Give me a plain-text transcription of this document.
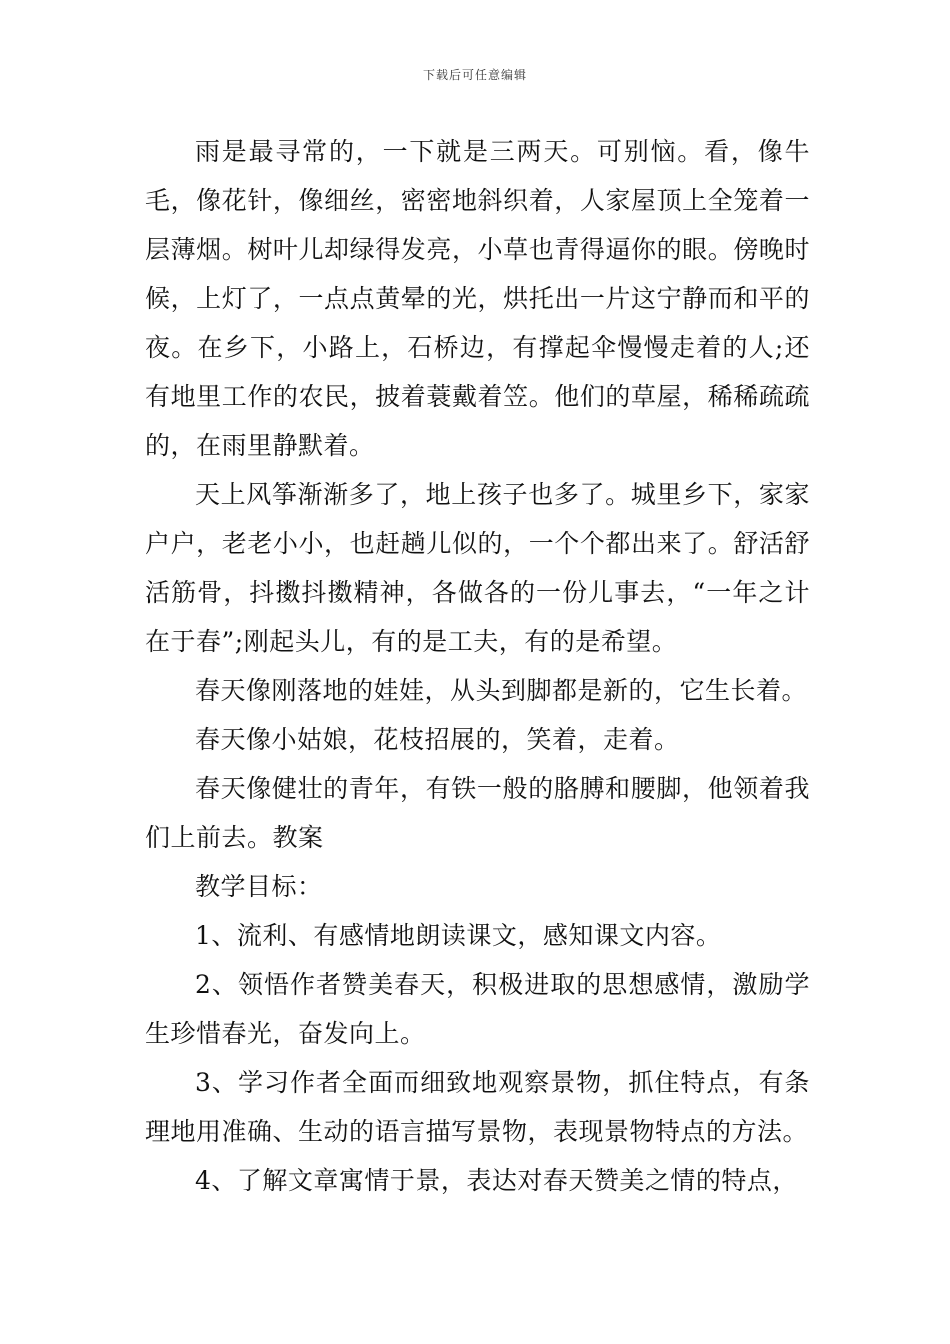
下载后可任意编辑

雨是最寻常的，一下就是三两天。可别恼。看，像牛毛，像花针，像细丝，密密地斜织着，人家屋顶上全笼着一层薄烟。树叶儿却绿得发亮，小草也青得逼你的眼。傍晚时候，上灯了，一点点黄晕的光，烘托出一片这宁静而和平的夜。在乡下，小路上，石桥边，有撑起伞慢慢走着的人;还有地里工作的农民，披着蓑戴着笠。他们的草屋，稀稀疏疏的，在雨里静默着。

天上风筝渐渐多了，地上孩子也多了。城里乡下，家家户户，老老小小，也赶趟儿似的，一个个都出来了。舒活舒活筋骨，抖擞抖擞精神，各做各的一份儿事去，“一年之计在于春”;刚起头儿，有的是工夫，有的是希望。

春天像刚落地的娃娃，从头到脚都是新的，它生长着。

春天像小姑娘，花枝招展的，笑着，走着。

春天像健壮的青年，有铁一般的胳膊和腰脚，他领着我们上前去。教案

教学目标：

1、流利、有感情地朗读课文，感知课文内容。

2、领悟作者赞美春天，积极进取的思想感情，激励学生珍惜春光，奋发向上。

3、学习作者全面而细致地观察景物，抓住特点，有条理地用准确、生动的语言描写景物，表现景物特点的方法。

4、了解文章寓情于景，表达对春天赞美之情的特点，
